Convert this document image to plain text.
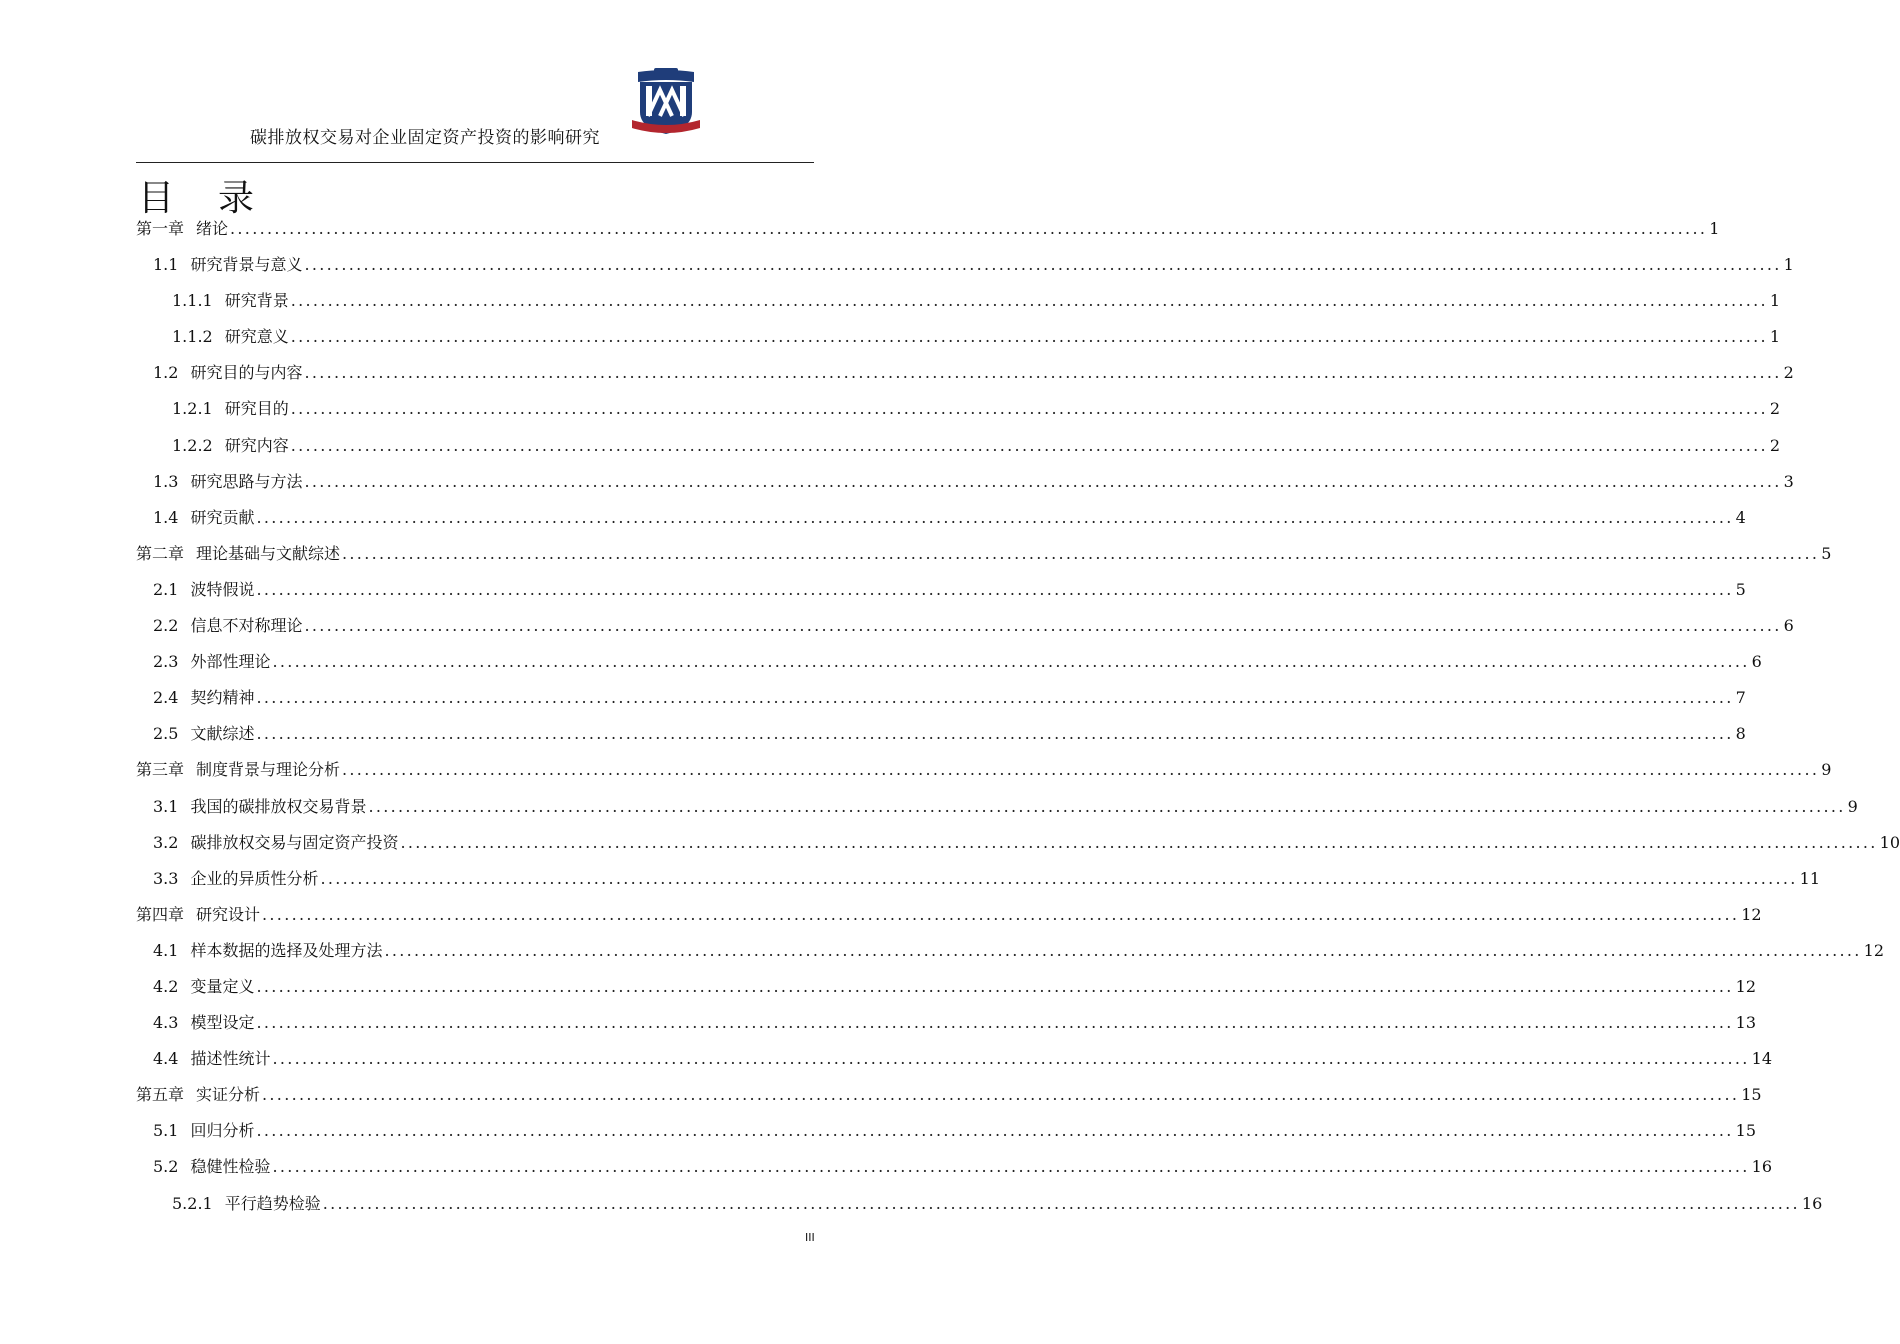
碳排放权交易对企业固定资产投资的影响研究
目录
第一章 绪论 ........................................................................................................................................................................................................ 1
1.1 研究背景与意义 ........................................................................................................................................................................................................ 1
1.1.1 研究背景 ........................................................................................................................................................................................................ 1
1.1.2 研究意义 ........................................................................................................................................................................................................ 1
1.2 研究目的与内容 ........................................................................................................................................................................................................ 2
1.2.1 研究目的 ........................................................................................................................................................................................................ 2
1.2.2 研究内容 ........................................................................................................................................................................................................ 2
1.3 研究思路与方法 ........................................................................................................................................................................................................ 3
1.4 研究贡献 ........................................................................................................................................................................................................ 4
第二章 理论基础与文献综述 ........................................................................................................................................................................................................ 5
2.1 波特假说 ........................................................................................................................................................................................................ 5
2.2 信息不对称理论 ........................................................................................................................................................................................................ 6
2.3 外部性理论 ........................................................................................................................................................................................................ 6
2.4 契约精神 ........................................................................................................................................................................................................ 7
2.5 文献综述 ........................................................................................................................................................................................................ 8
第三章 制度背景与理论分析 ........................................................................................................................................................................................................ 9
3.1 我国的碳排放权交易背景 ........................................................................................................................................................................................................ 9
3.2 碳排放权交易与固定资产投资 ........................................................................................................................................................................................................ 10
3.3 企业的异质性分析 ........................................................................................................................................................................................................ 11
第四章 研究设计 ........................................................................................................................................................................................................ 12
4.1 样本数据的选择及处理方法 ........................................................................................................................................................................................................ 12
4.2 变量定义 ........................................................................................................................................................................................................ 12
4.3 模型设定 ........................................................................................................................................................................................................ 13
4.4 描述性统计 ........................................................................................................................................................................................................ 14
第五章 实证分析 ........................................................................................................................................................................................................ 15
5.1 回归分析 ........................................................................................................................................................................................................ 15
5.2 稳健性检验 ........................................................................................................................................................................................................ 16
5.2.1 平行趋势检验 ........................................................................................................................................................................................................ 16
III
